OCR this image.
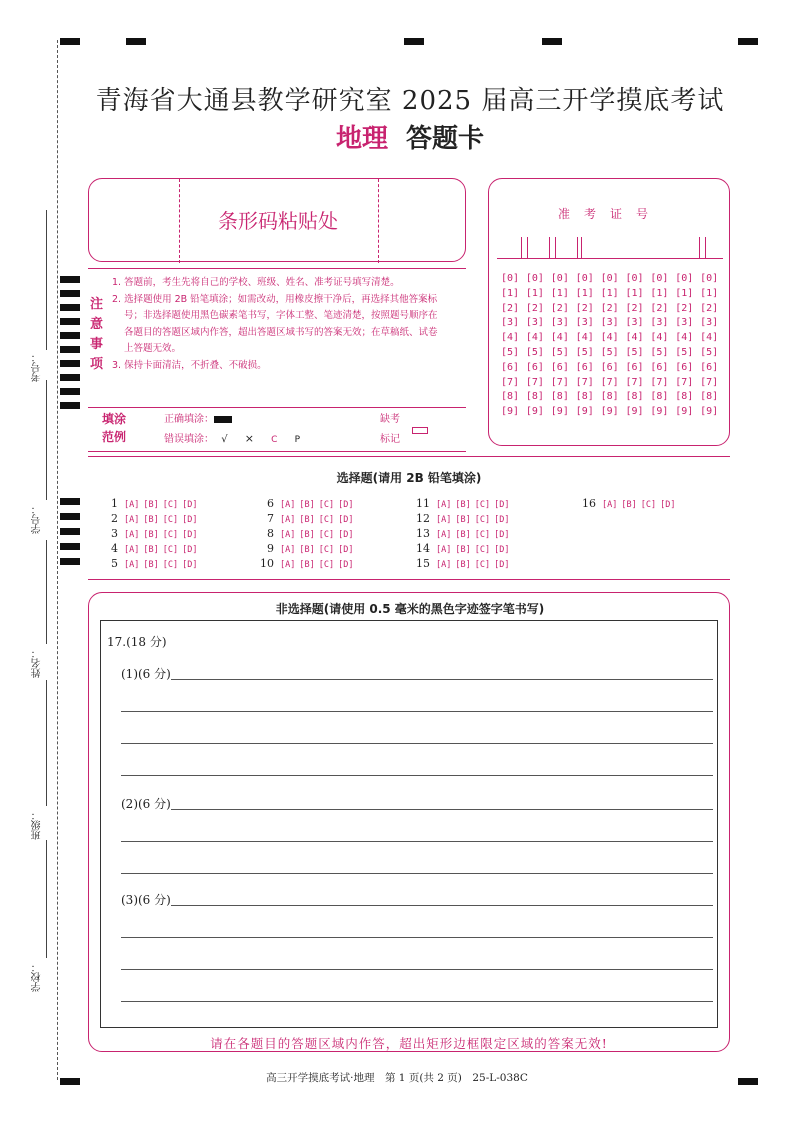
考号：
学号：
姓名：
班级：
学校：
青海省大通县教学研究室 2025 届高三开学摸底考试
地理 答题卡
条形码粘贴处
注
意
事
项
1. 答题前，考生先将自己的学校、班级、姓名、准考证号填写清楚。
2. 选择题使用 2B 铅笔填涂；如需改动，用橡皮擦干净后，再选择其他答案标
号；非选择题使用黑色碳素笔书写，字体工整、笔迹清楚，按照题号顺序在
各题目的答题区域内作答，超出答题区域书写的答案无效；在草稿纸、试卷
上答题无效。
3. 保持卡面清洁，不折叠、不破损。
填涂
范例
正确填涂：
错误填涂： √ × C P
缺考
标记
准考证号
[0] [0] [0] [0] [0] [0] [0] [0] [0]
[1] [1] [1] [1] [1] [1] [1] [1] [1]
[2] [2] [2] [2] [2] [2] [2] [2] [2]
[3] [3] [3] [3] [3] [3] [3] [3] [3]
[4] [4] [4] [4] [4] [4] [4] [4] [4]
[5] [5] [5] [5] [5] [5] [5] [5] [5]
[6] [6] [6] [6] [6] [6] [6] [6] [6]
[7] [7] [7] [7] [7] [7] [7] [7] [7]
[8] [8] [8] [8] [8] [8] [8] [8] [8]
[9] [9] [9] [9] [9] [9] [9] [9] [9]
选择题(请用 2B 铅笔填涂)
1 [A] [B] [C] [D]
2 [A] [B] [C] [D]
3 [A] [B] [C] [D]
4 [A] [B] [C] [D]
5 [A] [B] [C] [D]
6 [A] [B] [C] [D]
7 [A] [B] [C] [D]
8 [A] [B] [C] [D]
9 [A] [B] [C] [D]
10 [A] [B] [C] [D]
11 [A] [B] [C] [D]
12 [A] [B] [C] [D]
13 [A] [B] [C] [D]
14 [A] [B] [C] [D]
15 [A] [B] [C] [D]
16 [A] [B] [C] [D]
非选择题(请使用 0.5 毫米的黑色字迹签字笔书写)
17.(18 分)
(1)(6 分)
(2)(6 分)
(3)(6 分)
请在各题目的答题区域内作答，超出矩形边框限定区域的答案无效!
高三开学摸底考试·地理　第 1 页(共 2 页)　25-L-038C
